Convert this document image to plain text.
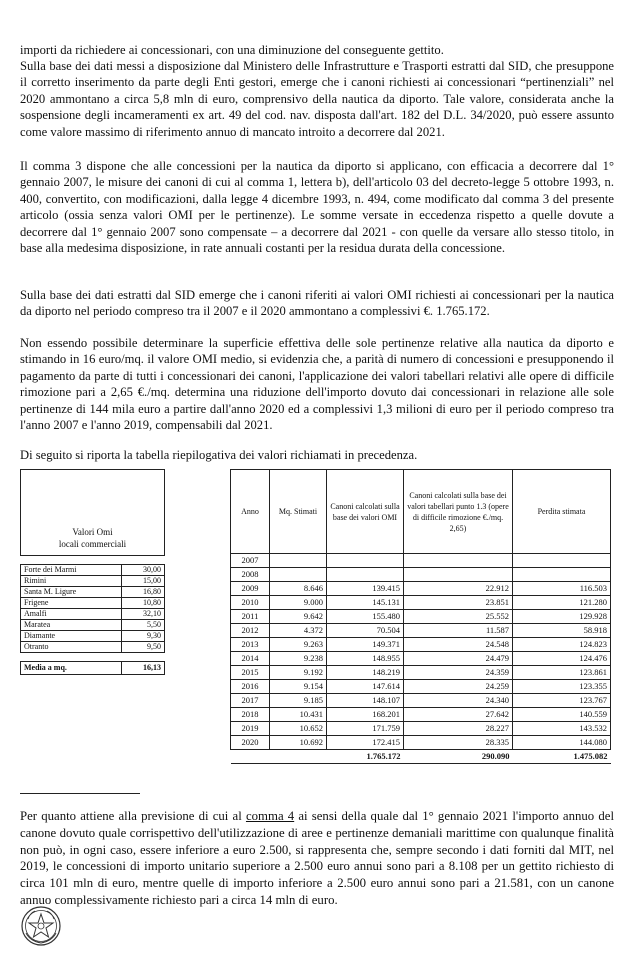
importi da richiedere ai concessionari, con una diminuzione del conseguente gettito.

Sulla base dei dati messi a disposizione dal Ministero delle Infrastrutture e Trasporti estratti dal SID, che presuppone il corretto inserimento da parte degli Enti gestori, emerge che i canoni richiesti ai concessionari “pertinenziali” nel 2020 ammontano a circa 5,8 mln di euro, comprensivo della nautica da diporto. Tale valore, considerata anche la sospensione degli incameramenti ex art. 49 del cod. nav. disposta dall'art. 182 del D.L. 34/2020, può essere assunto come valore massimo di riferimento annuo di mancato introito a decorrere dal 2021.

Il comma 3 dispone che alle concessioni per la nautica da diporto si applicano, con efficacia a decorrere dal 1° gennaio 2007, le misure dei canoni di cui al comma 1, lettera b), dell'articolo 03 del decreto-legge 5 ottobre 1993, n. 400, convertito, con modificazioni, dalla legge 4 dicembre 1993, n. 494, come modificato dal comma 3 del presente articolo (ossia senza valori OMI per le pertinenze). Le somme versate in eccedenza rispetto a quelle dovute a decorrere dal 1° gennaio 2007 sono compensate – a decorrere dal 2021 - con quelle da versare allo stesso titolo, in base alla medesima disposizione, in rate annuali costanti per la residua durata della concessione.

Sulla base dei dati estratti dal SID emerge che i canoni riferiti ai valori OMI richiesti ai concessionari per la nautica da diporto nel periodo compreso tra il 2007 e il 2020 ammontano a complessivi €. 1.765.172.

Non essendo possibile determinare la superficie effettiva delle sole pertinenze relative alla nautica da diporto e stimando in 16 euro/mq. il valore OMI medio, si evidenzia che, a parità di numero di concessioni e presupponendo il pagamento da parte di tutti i concessionari dei canoni, l'applicazione dei valori tabellari relativi alle opere di difficile rimozione pari a 2,65 €./mq. determina una riduzione dell'importo dovuto dai concessionari in relazione alle sole pertinenze di 144 mila euro a partire dall'anno 2020 ed a complessivi 1,3 milioni di euro per il periodo compreso tra l'anno 2007 e l'anno 2019, compensabili dal 2021.

Di seguito si riporta la tabella riepilogativa dei valori richiamati in precedenza.

Valori Omi
locali commerciali	

Forte dei Marmi	30,00
Rimini	15,00
Santa M. Ligure	16,80
Frigene	10,80
Amalfi	32,10
Maratea	5,50
Diamante	9,30
Otranto	9,50

Media a mq.	16,13
Anno	Mq. Stimati	Canoni calcolati sulla base dei valori OMI	Canoni calcolati sulla base dei valori tabellari punto 1.3 (opere di difficile rimozione €./mq. 2,65)	Perdita stimata
2007				
2008				
2009	8.646	139.415	22.912	116.503
2010	9.000	145.131	23.851	121.280
2011	9.642	155.480	25.552	129.928
2012	4.372	70.504	11.587	58.918
2013	9.263	149.371	24.548	124.823
2014	9.238	148.955	24.479	124.476
2015	9.192	148.219	24.359	123.861
2016	9.154	147.614	24.259	123.355
2017	9.185	148.107	24.340	123.767
2018	10.431	168.201	27.642	140.559
2019	10.652	171.759	28.227	143.532
2020	10.692	172.415	28.335	144.080
		1.765.172	290.090	1.475.082

Per quanto attiene alla previsione di cui al comma 4 ai sensi della quale dal 1° gennaio 2021 l'importo annuo del canone dovuto quale corrispettivo dell'utilizzazione di aree e pertinenze demaniali marittime con qualunque finalità non può, in ogni caso, essere inferiore a euro 2.500, si rappresenta che, sempre secondo i dati forniti dal MIT, nel 2019, le concessioni di importo unitario superiore a 2.500 euro annui sono pari a 8.108 per un gettito richiesto di circa 101 mln di euro, mentre quelle di importo inferiore a 2.500 euro annui sono pari a 21.581, con un canone annuo complessivamente richiesto pari a circa 14 mln di euro.
